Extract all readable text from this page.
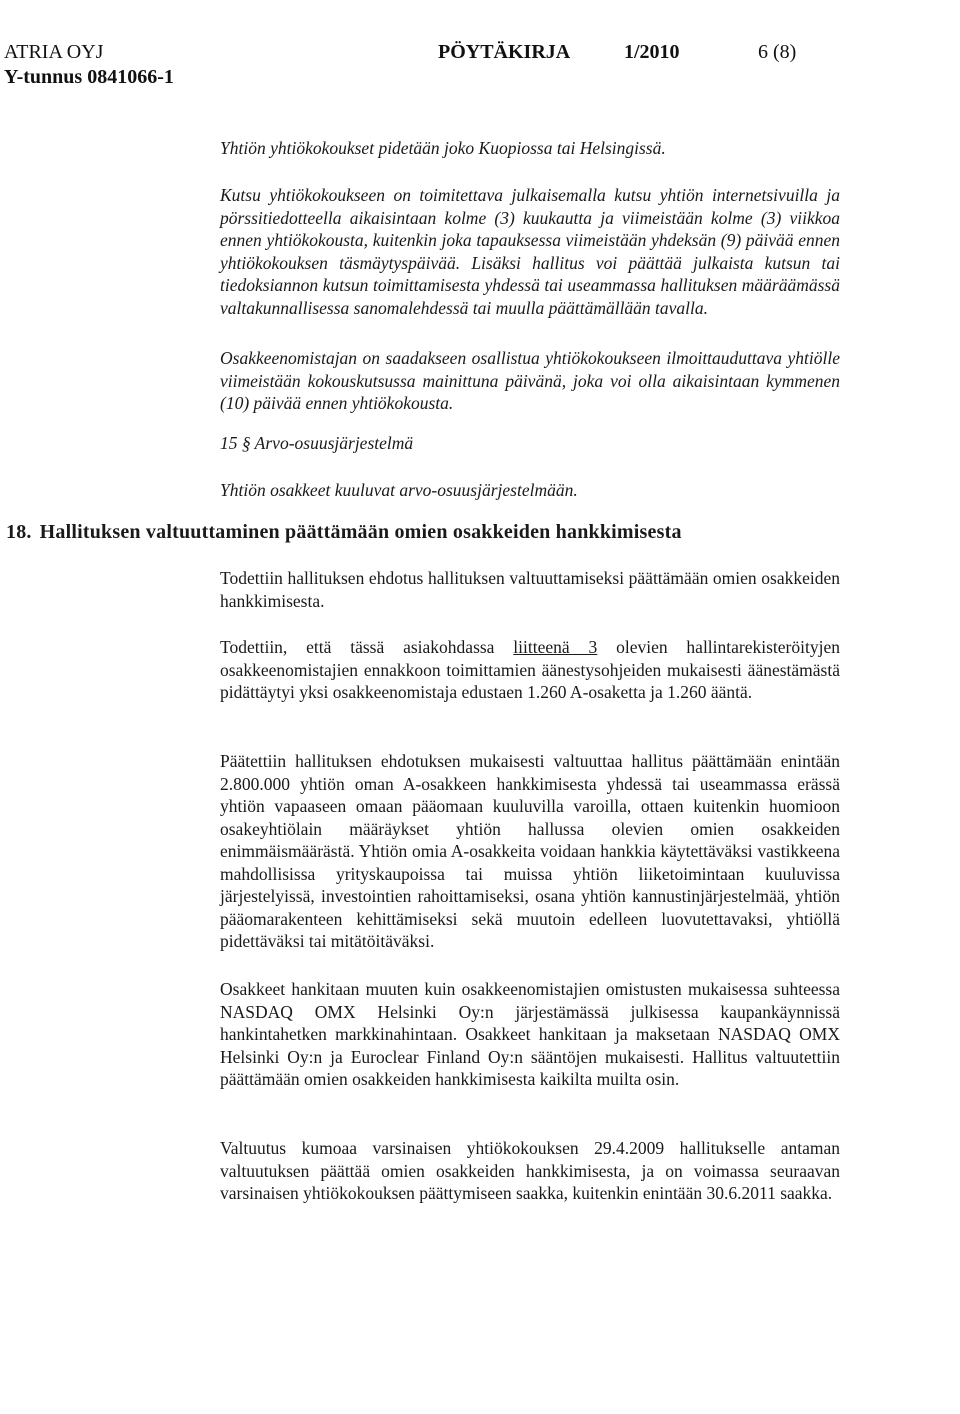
ATRIA OYJ
Y-tunnus 0841066-1
PÖYTÄKIRJA	1/2010	6 (8)

Yhtiön yhtiökokoukset pidetään joko Kuopiossa tai Helsingissä.

Kutsu yhtiökokoukseen on toimitettava julkaisemalla kutsu yhtiön internetsivuilla ja pörssitiedotteella aikaisintaan kolme (3) kuukautta ja viimeistään kolme (3) viikkoa ennen yhtiökokousta, kuitenkin joka tapauksessa viimeistään yhdeksän (9) päivää ennen yhtiökokouksen täsmäytyspäivää. Lisäksi hallitus voi päättää julkaista kutsun tai tiedoksiannon kutsun toimittamisesta yhdessä tai useammassa hallituksen määräämässä valtakunnallisessa sanomalehdessä tai muulla päättämällään tavalla.

Osakkeenomistajan on saadakseen osallistua yhtiökokoukseen ilmoittauduttava yhtiölle viimeistään kokouskutsussa mainittuna päivänä, joka voi olla aikaisintaan kymmenen (10) päivää ennen yhtiökokousta.

15 § Arvo-osuusjärjestelmä

Yhtiön osakkeet kuuluvat arvo-osuusjärjestelmään.

18. Hallituksen valtuuttaminen päättämään omien osakkeiden hankkimisesta

Todettiin hallituksen ehdotus hallituksen valtuuttamiseksi päättämään omien osakkeiden hankkimisesta.

Todettiin, että tässä asiakohdassa liitteenä 3 olevien hallintarekisteröityjen osakkeenomistajien ennakkoon toimittamien äänestysohjeiden mukaisesti äänestämästä pidättäytyi yksi osakkeenomistaja edustaen 1.260 A-osaketta ja 1.260 ääntä.

Päätettiin hallituksen ehdotuksen mukaisesti valtuuttaa hallitus päättämään enintään 2.800.000 yhtiön oman A-osakkeen hankkimisesta yhdessä tai useammassa erässä yhtiön vapaaseen omaan pääomaan kuuluvilla varoilla, ottaen kuitenkin huomioon osakeyhtiölain määräykset yhtiön hallussa olevien omien osakkeiden enimmäismäärästä. Yhtiön omia A-osakkeita voidaan hankkia käytettäväksi vastikkeena mahdollisissa yrityskaupoissa tai muissa yhtiön liiketoimintaan kuuluvissa järjestelyissä, investointien rahoittamiseksi, osana yhtiön kannustinjärjestelmää, yhtiön pääomarakenteen kehittämiseksi sekä muutoin edelleen luovutettavaksi, yhtiöllä pidettäväksi tai mitätöitäväksi.

Osakkeet hankitaan muuten kuin osakkeenomistajien omistusten mukaisessa suhteessa NASDAQ OMX Helsinki Oy:n järjestämässä julkisessa kaupankäynnissä hankintahetken markkinahintaan. Osakkeet hankitaan ja maksetaan NASDAQ OMX Helsinki Oy:n ja Euroclear Finland Oy:n sääntöjen mukaisesti. Hallitus valtuutettiin päättämään omien osakkeiden hankkimisesta kaikilta muilta osin.

Valtuutus kumoaa varsinaisen yhtiökokouksen 29.4.2009 hallitukselle antaman valtuutuksen päättää omien osakkeiden hankkimisesta, ja on voimassa seuraavan varsinaisen yhtiökokouksen päättymiseen saakka, kuitenkin enintään 30.6.2011 saakka.
